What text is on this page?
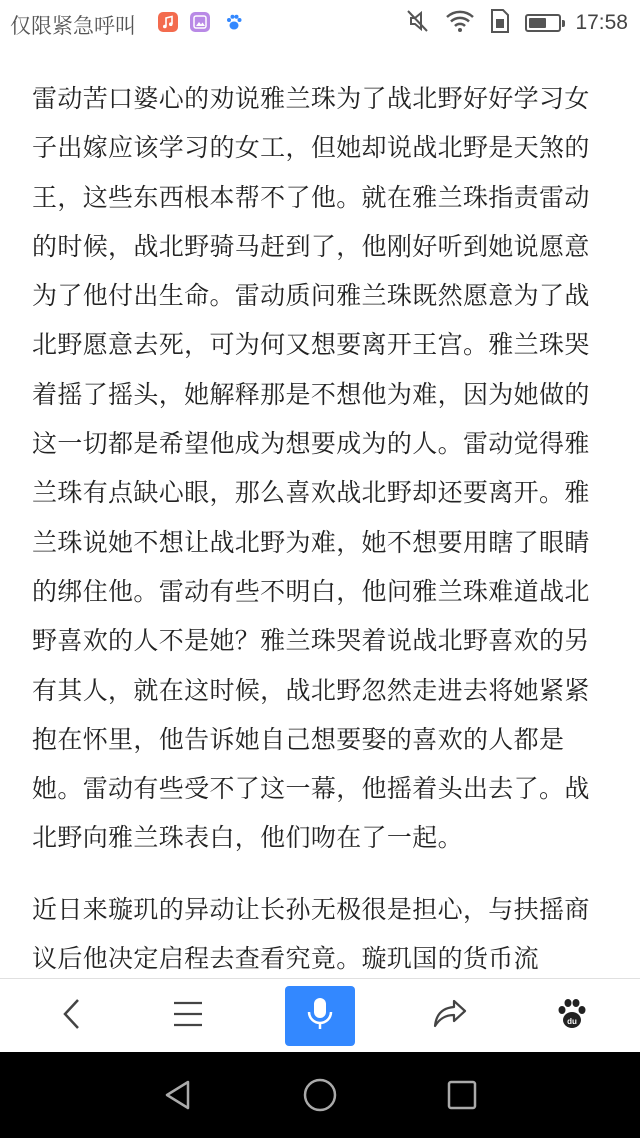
仅限紧急呼叫	17:58

雷动苦口婆心的劝说雅兰珠为了战北野好好学习女子出嫁应该学习的女工，但她却说战北野是天煞的王，这些东西根本帮不了他。就在雅兰珠指责雷动的时候，战北野骑马赶到了，他刚好听到她说愿意为了他付出生命。雷动质问雅兰珠既然愿意为了战北野愿意去死，可为何又想要离开王宫。雅兰珠哭着摇了摇头，她解释那是不想他为难，因为她做的这一切都是希望他成为想要成为的人。雷动觉得雅兰珠有点缺心眼，那么喜欢战北野却还要离开。雅兰珠说她不想让战北野为难，她不想要用瞎了眼睛的绑住他。雷动有些不明白，他问雅兰珠难道战北野喜欢的人不是她？雅兰珠哭着说战北野喜欢的另有其人，就在这时候，战北野忽然走进去将她紧紧抱在怀里，他告诉她自己想要娶的喜欢的人都是她。雷动有些受不了这一幕，他摇着头出去了。战北野向雅兰珠表白，他们吻在了一起。

近日来璇玑的异动让长孙无极很是担心，与扶摇商议后他决定启程去查看究竟。璇玑国的货币流

du
